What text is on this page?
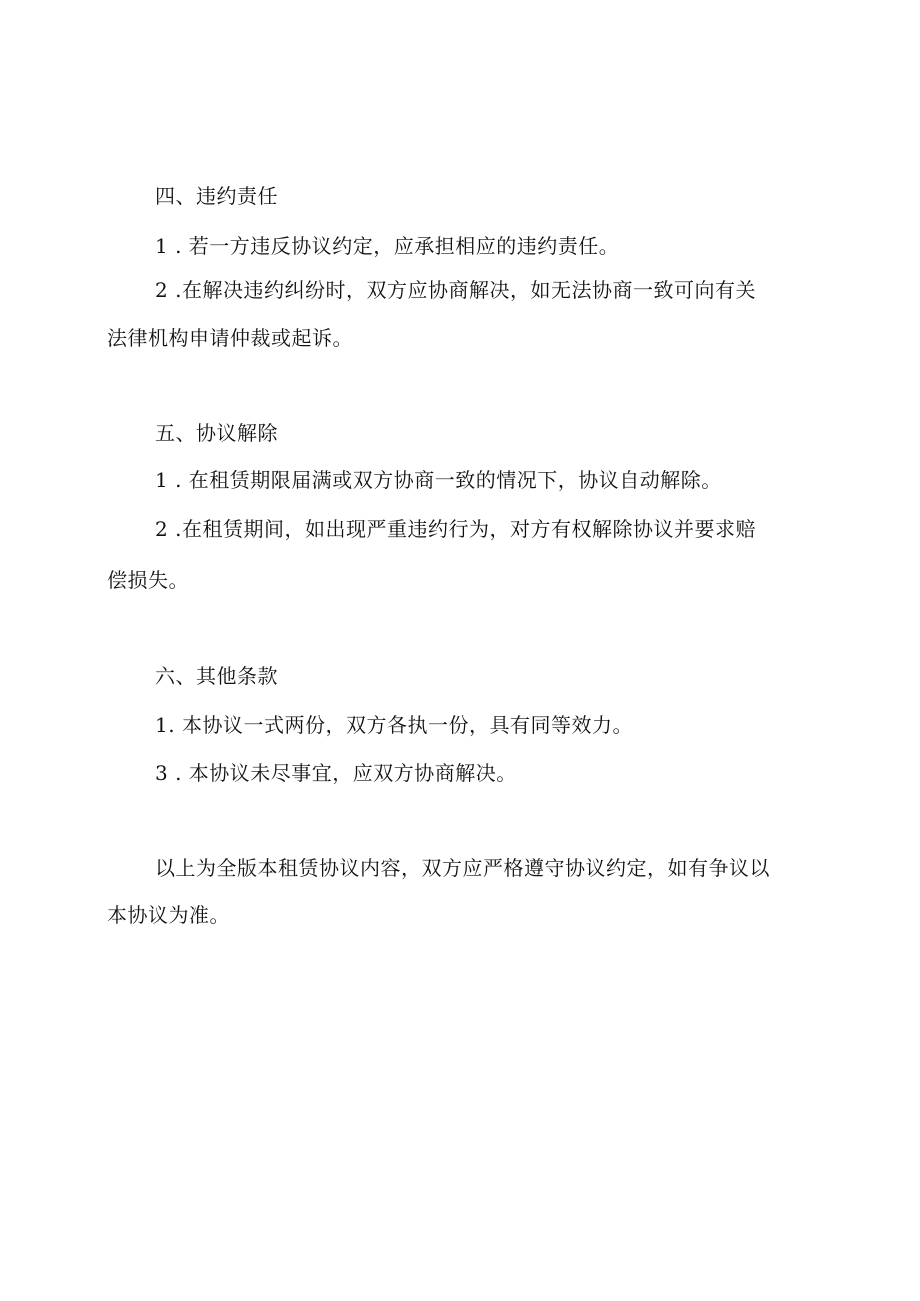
四、违约责任
1 . 若一方违反协议约定，应承担相应的违约责任。
2 .在解决违约纠纷时，双方应协商解决，如无法协商一致可向有关
法律机构申请仲裁或起诉。
五、协议解除
1 . 在租赁期限届满或双方协商一致的情况下，协议自动解除。
2 .在租赁期间，如出现严重违约行为，对方有权解除协议并要求赔
偿损失。
六、其他条款
1. 本协议一式两份，双方各执一份，具有同等效力。
3 . 本协议未尽事宜，应双方协商解决。
以上为全版本租赁协议内容，双方应严格遵守协议约定，如有争议以
本协议为准。
